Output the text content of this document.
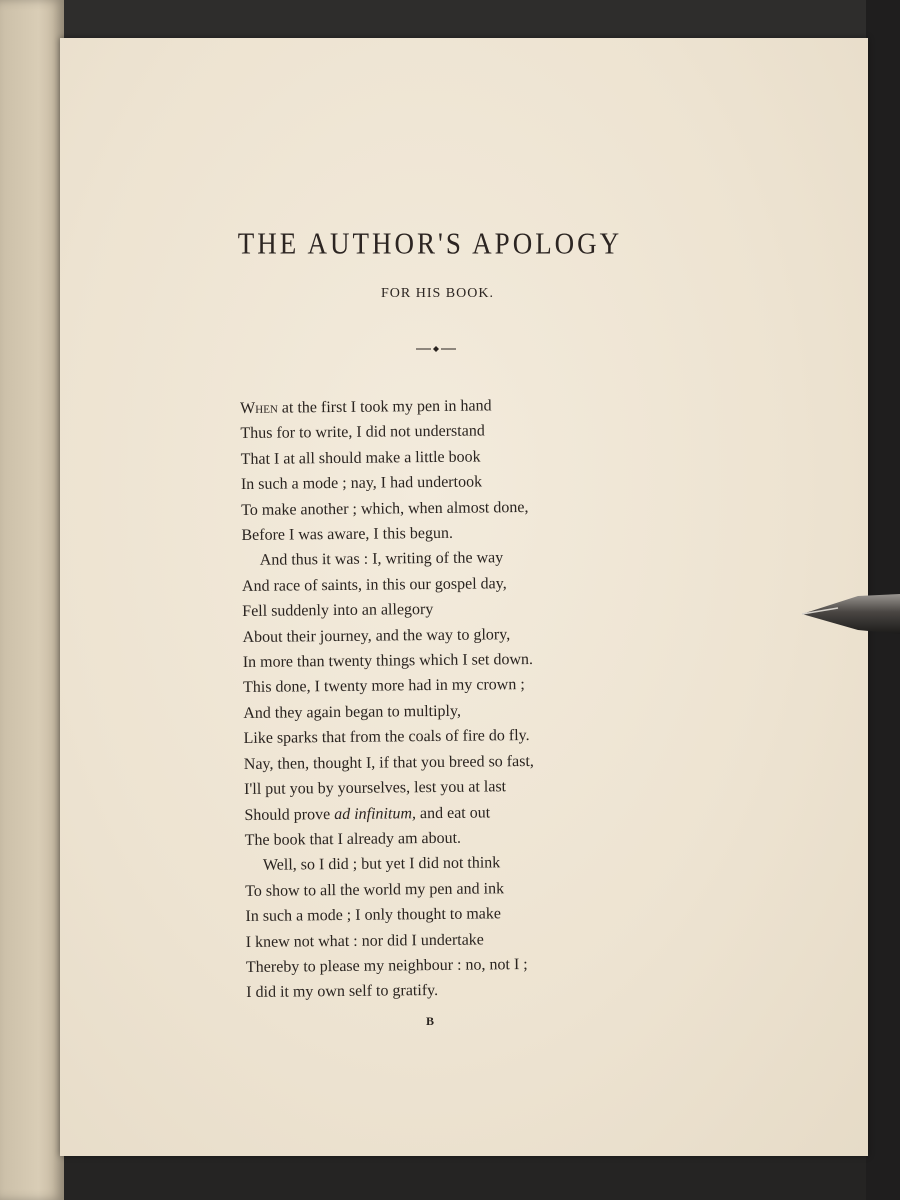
THE AUTHOR'S APOLOGY
FOR HIS BOOK.
When at the first I took my pen in hand
Thus for to write, I did not understand
That I at all should make a little book
In such a mode ; nay, I had undertook
To make another ; which, when almost done,
Before I was aware, I this begun.
And thus it was : I, writing of the way
And race of saints, in this our gospel day,
Fell suddenly into an allegory
About their journey, and the way to glory,
In more than twenty things which I set down.
This done, I twenty more had in my crown ;
And they again began to multiply,
Like sparks that from the coals of fire do fly.
Nay, then, thought I, if that you breed so fast,
I'll put you by yourselves, lest you at last
Should prove ad infinitum, and eat out
The book that I already am about.
Well, so I did ; but yet I did not think
To show to all the world my pen and ink
In such a mode ; I only thought to make
I knew not what : nor did I undertake
Thereby to please my neighbour : no, not I ;
I did it my own self to gratify.
B
